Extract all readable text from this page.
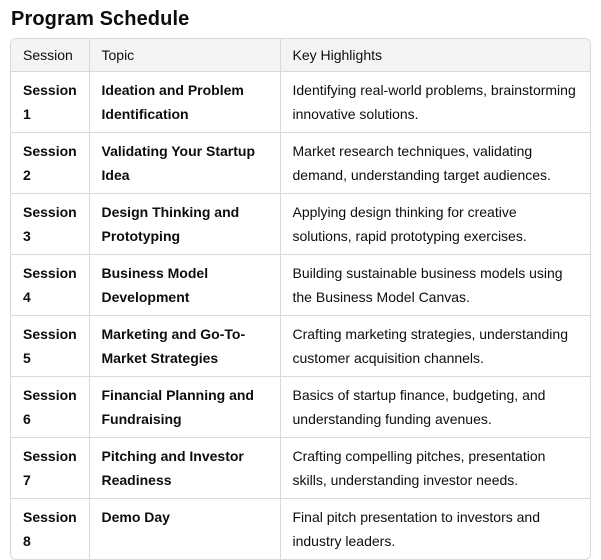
Program Schedule
Session	Topic	Key Highlights
Session 1	Ideation and Problem Identification	Identifying real-world problems, brainstorming innovative solutions.
Session 2	Validating Your Startup Idea	Market research techniques, validating demand, understanding target audiences.
Session 3	Design Thinking and Prototyping	Applying design thinking for creative solutions, rapid prototyping exercises.
Session 4	Business Model Development	Building sustainable business models using the Business Model Canvas.
Session 5	Marketing and Go-To-Market Strategies	Crafting marketing strategies, understanding customer acquisition channels.
Session 6	Financial Planning and Fundraising	Basics of startup finance, budgeting, and understanding funding avenues.
Session 7	Pitching and Investor Readiness	Crafting compelling pitches, presentation skills, understanding investor needs.
Session 8	Demo Day	Final pitch presentation to investors and industry leaders.
